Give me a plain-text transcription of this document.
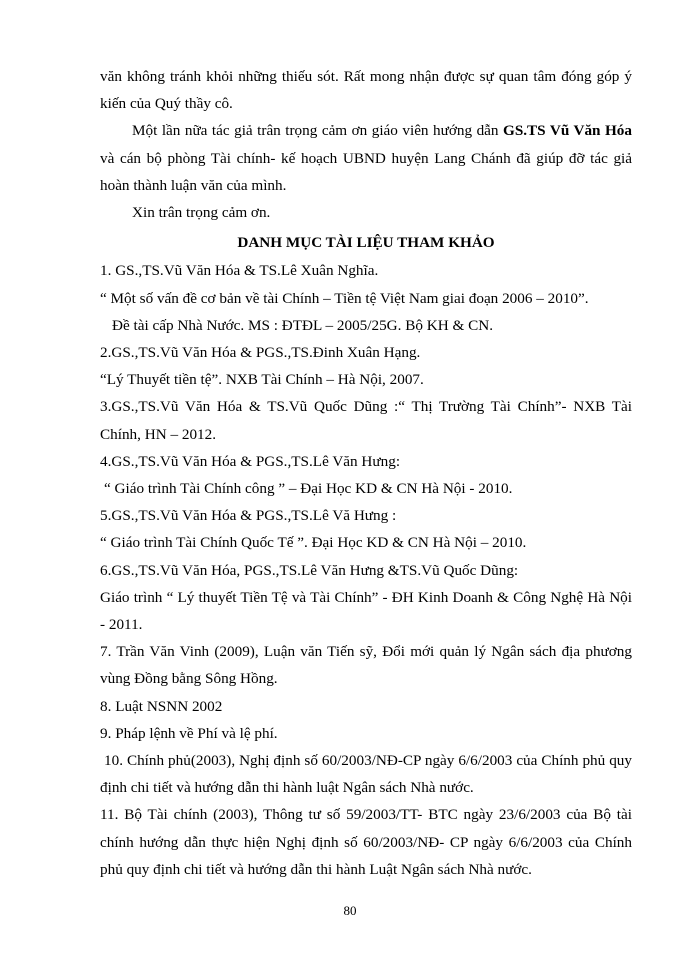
văn không tránh khỏi những thiếu sót. Rất mong nhận được sự quan tâm đóng góp ý kiến của Quý thầy cô.

Một lần nữa tác giả trân trọng cảm ơn giáo viên hướng dẫn GS.TS Vũ Văn Hóa và cán bộ phòng Tài chính- kế hoạch UBND huyện Lang Chánh đã giúp đỡ tác giả hoàn thành luận văn của mình.

Xin trân trọng cảm ơn.

DANH MỤC TÀI LIỆU THAM KHẢO

1. GS.,TS.Vũ Văn Hóa & TS.Lê Xuân Nghĩa.

“ Một số vấn đề cơ bản về tài Chính – Tiền tệ Việt Nam giai đoạn 2006 – 2010”.

Đề tài cấp Nhà Nước. MS : ĐTĐL – 2005/25G. Bộ KH & CN.

2.GS.,TS.Vũ Văn Hóa & PGS.,TS.Đinh Xuân Hạng.

“Lý Thuyết tiền tệ”. NXB Tài Chính – Hà Nội, 2007.

3.GS.,TS.Vũ Văn Hóa & TS.Vũ Quốc Dũng :“ Thị Trường Tài Chính”- NXB Tài Chính, HN – 2012.

4.GS.,TS.Vũ Văn Hóa & PGS.,TS.Lê Văn Hưng:

“ Giáo trình Tài Chính công ” – Đại Học KD & CN Hà Nội - 2010.

5.GS.,TS.Vũ Văn Hóa & PGS.,TS.Lê Vă Hưng :

“ Giáo trình Tài Chính Quốc Tế ”. Đại Học KD & CN Hà Nội – 2010.

6.GS.,TS.Vũ Văn Hóa, PGS.,TS.Lê Văn Hưng &TS.Vũ Quốc Dũng:

Giáo trình “ Lý thuyết Tiền Tệ và Tài Chính” - ĐH Kinh Doanh & Công Nghệ Hà Nội - 2011.

7. Trần Văn Vinh (2009), Luận văn Tiến sỹ, Đổi mới quản lý Ngân sách địa phương vùng Đồng bằng Sông Hồng.

8. Luật NSNN 2002

9. Pháp lệnh về Phí và lệ phí.

10. Chính phủ(2003), Nghị định số 60/2003/NĐ-CP ngày 6/6/2003 của Chính phủ quy định chi tiết và hướng dẫn thi hành luật Ngân sách Nhà nước.

11. Bộ Tài chính (2003), Thông tư số 59/2003/TT- BTC ngày 23/6/2003 của Bộ tài chính hướng dẫn thực hiện Nghị định số 60/2003/NĐ- CP ngày 6/6/2003 của Chính phủ quy định chi tiết và hướng dẫn thi hành Luật Ngân sách Nhà nước.

80
